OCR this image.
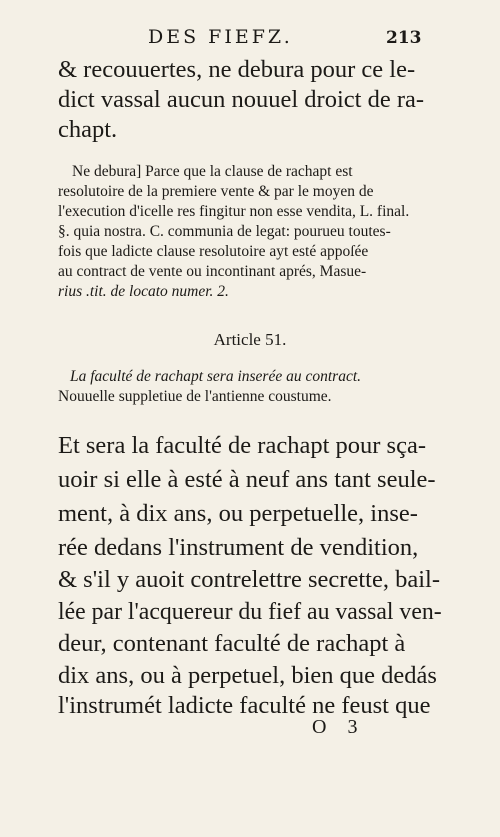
DES FIEFZ.	213
& recouuertes, ne debura pour ce le-
dict vassal aucun nouuel droict de ra-
chapt.
Ne debura] Parce que la clause de rachapt est
resolutoire de la premiere vente & par le moyen de
l'execution d'icelle res fingitur non esse vendita, L. final.
§. quia nostra. C. communia de legat: pourueu toutes-
fois que ladicte clause resolutoire ayt esté appoſée
au contract de vente ou incontinant aprés, Masue-
rius .tit. de locato numer. 2.
Article 51.
La faculté de rachapt sera inserée au contract.
Nouuelle suppletiue de l'antienne coustume.
Et sera la faculté de rachapt pour sça-
uoir si elle à esté à neuf ans tant seule-
ment, à dix ans, ou perpetuelle, inse-
rée dedans l'instrument de vendition,
& s'il y auoit contrelettre secrette, bail-
lée par l'acquereur du fief au vassal ven-
deur, contenant faculté de rachapt à
dix ans, ou à perpetuel, bien que dedás
l'instrumét ladicte faculté ne feust que
O 3
